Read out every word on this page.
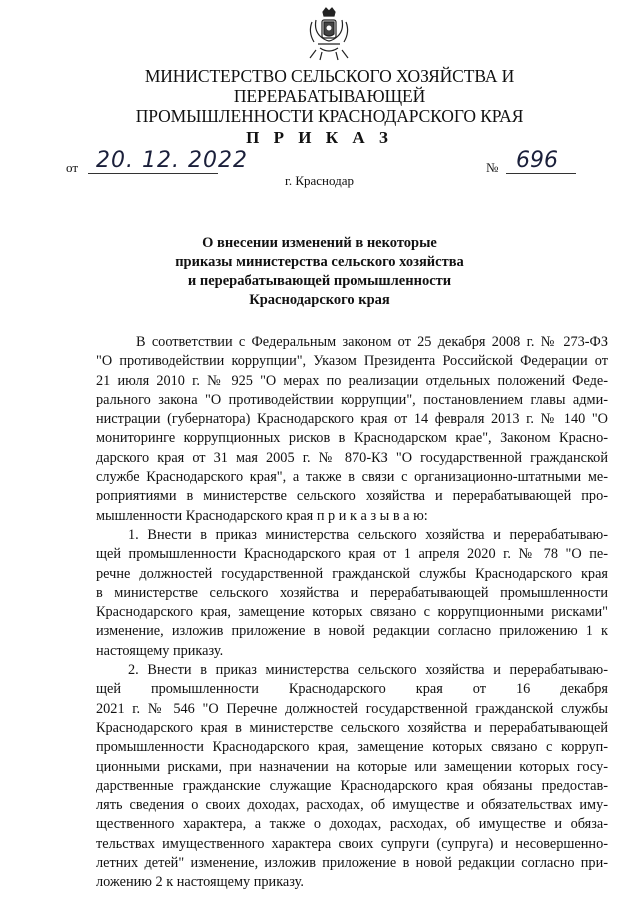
МИНИСТЕРСТВО СЕЛЬСКОГО ХОЗЯЙСТВА И ПЕРЕРАБАТЫВАЮЩЕЙ
ПРОМЫШЛЕННОСТИ КРАСНОДАРСКОГО КРАЯ
П Р И К А З
от 20. 12. 2022	№ 696
г. Краснодар
О внесении изменений в некоторые
приказы министерства сельского хозяйства
и перерабатывающей промышленности
Краснодарского края
В соответствии с Федеральным законом от 25 декабря 2008 г. № 273-ФЗ
"О противодействии коррупции", Указом Президента Российской Федерации от
21 июля 2010 г. № 925 "О мерах по реализации отдельных положений Феде-
рального закона "О противодействии коррупции", постановлением главы адми-
нистрации (губернатора) Краснодарского края от 14 февраля 2013 г. № 140 "О
мониторинге коррупционных рисков в Краснодарском крае", Законом Красно-
дарского края от 31 мая 2005 г. № 870-КЗ "О государственной гражданской
службе Краснодарского края", а также в связи с организационно-штатными ме-
роприятиями в министерстве сельского хозяйства и перерабатывающей про-
мышленности Краснодарского края п р и к а з ы в а ю:
1. Внести в приказ министерства сельского хозяйства и перерабатываю-
щей промышленности Краснодарского края от 1 апреля 2020 г. № 78 "О пе-
речне должностей государственной гражданской службы Краснодарского края
в министерстве сельского хозяйства и перерабатывающей промышленности
Краснодарского края, замещение которых связано с коррупционными рисками"
изменение, изложив приложение в новой редакции согласно приложению 1 к
настоящему приказу.
2. Внести в приказ министерства сельского хозяйства и перерабатываю-
щей промышленности Краснодарского края от 16 декабря
2021 г. № 546 "О Перечне должностей государственной гражданской службы
Краснодарского края в министерстве сельского хозяйства и перерабатывающей
промышленности Краснодарского края, замещение которых связано с корруп-
ционными рисками, при назначении на которые или замещении которых госу-
дарственные гражданские служащие Краснодарского края обязаны предостав-
лять сведения о своих доходах, расходах, об имуществе и обязательствах иму-
щественного характера, а также о доходах, расходах, об имуществе и обяза-
тельствах имущественного характера своих супруги (супруга) и несовершенно-
летних детей" изменение, изложив приложение в новой редакции согласно при-
ложению 2 к настоящему приказу.
